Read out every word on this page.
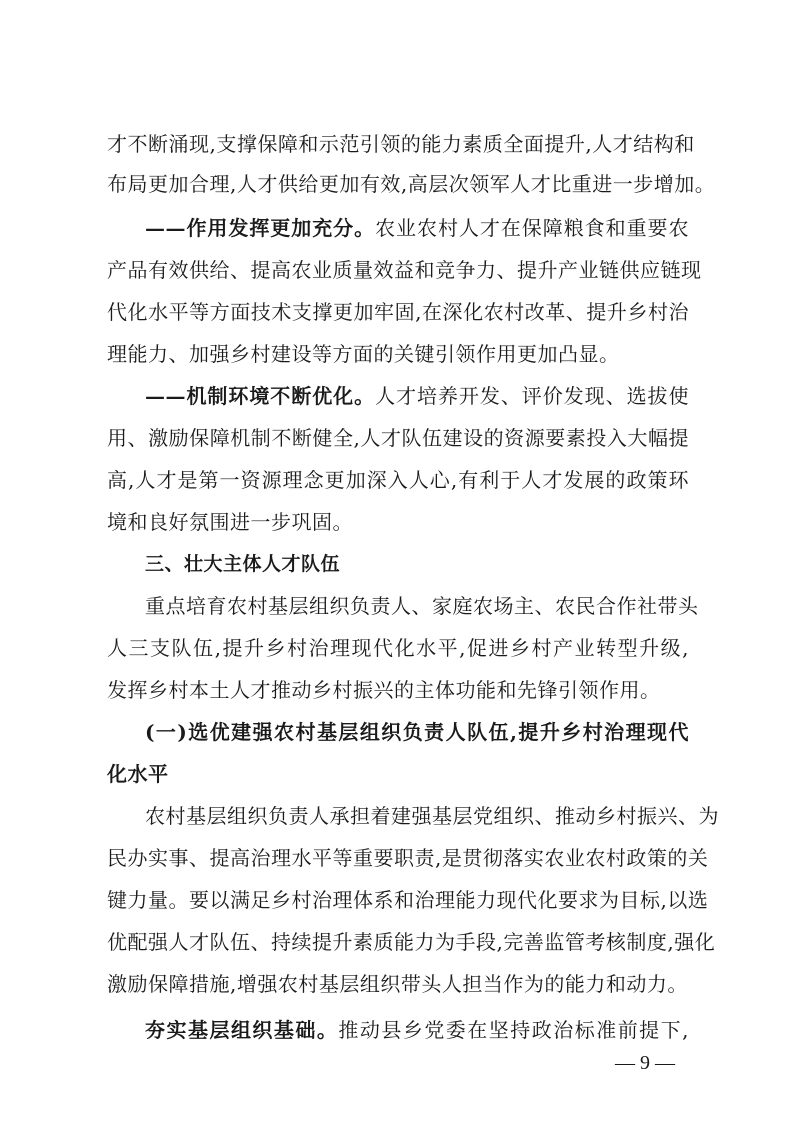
才不断涌现,支撑保障和示范引领的能力素质全面提升,人才结构和
布局更加合理,人才供给更加有效,高层次领军人才比重进一步增加。
——作用发挥更加充分。农业农村人才在保障粮食和重要农
产品有效供给、提高农业质量效益和竞争力、提升产业链供应链现
代化水平等方面技术支撑更加牢固,在深化农村改革、提升乡村治
理能力、加强乡村建设等方面的关键引领作用更加凸显。
——机制环境不断优化。人才培养开发、评价发现、选拔使
用、激励保障机制不断健全,人才队伍建设的资源要素投入大幅提
高,人才是第一资源理念更加深入人心,有利于人才发展的政策环
境和良好氛围进一步巩固。
三、壮大主体人才队伍
重点培育农村基层组织负责人、家庭农场主、农民合作社带头
人三支队伍,提升乡村治理现代化水平,促进乡村产业转型升级,
发挥乡村本土人才推动乡村振兴的主体功能和先锋引领作用。
(一)选优建强农村基层组织负责人队伍,提升乡村治理现代
化水平
农村基层组织负责人承担着建强基层党组织、推动乡村振兴、为
民办实事、提高治理水平等重要职责,是贯彻落实农业农村政策的关
键力量。要以满足乡村治理体系和治理能力现代化要求为目标,以选
优配强人才队伍、持续提升素质能力为手段,完善监管考核制度,强化
激励保障措施,增强农村基层组织带头人担当作为的能力和动力。
夯实基层组织基础。推动县乡党委在坚持政治标准前提下,
— 9 —
